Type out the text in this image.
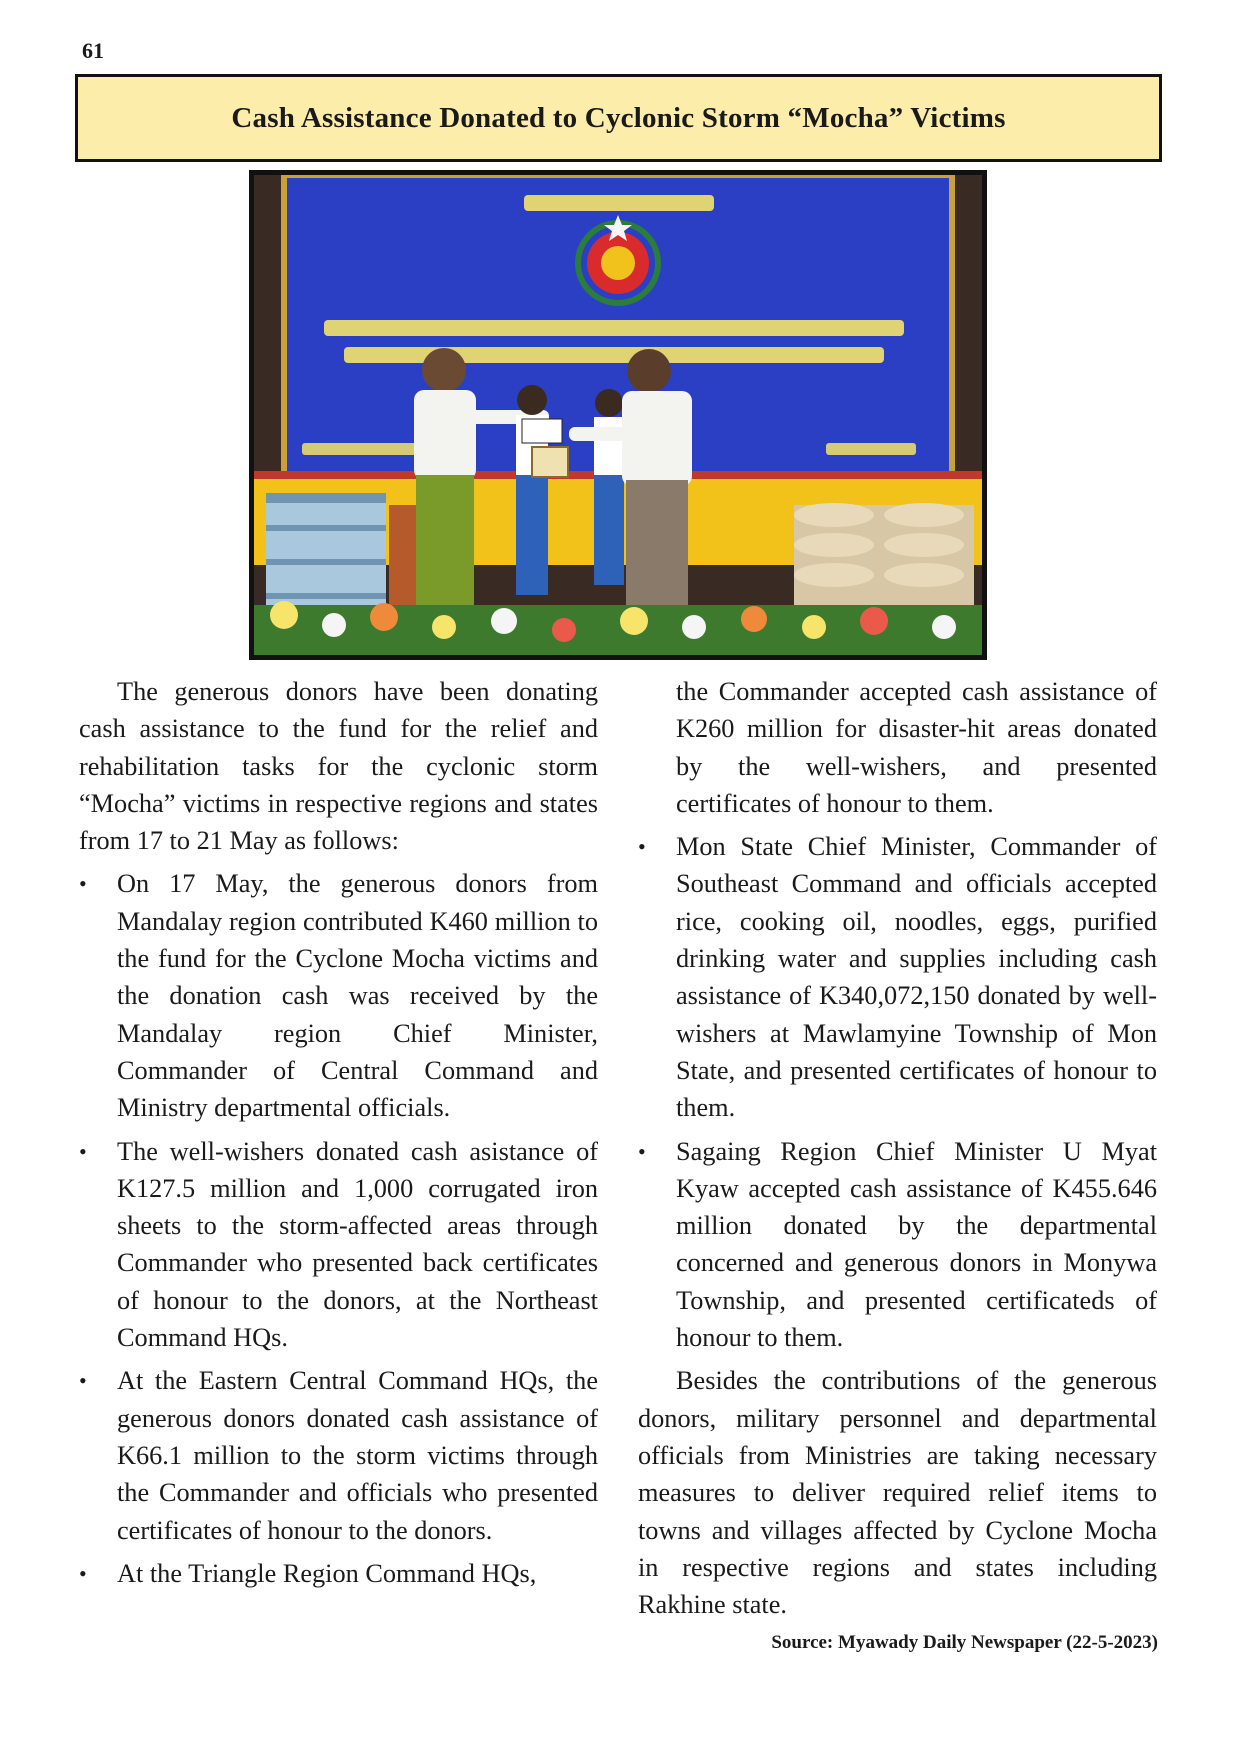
61
Cash Assistance Donated to Cyclonic Storm “Mocha” Victims

The generous donors have been donating cash assistance to the fund for the relief and rehabilitation tasks for the cyclonic storm “Mocha” victims in respective regions and states from 17 to 21 May as follows:

• On 17 May, the generous donors from Mandalay region contributed K460 million to the fund for the Cyclone Mocha victims and the donation cash was received by the Mandalay region Chief Minister, Commander of Central Command and Ministry departmental officials.
• The well-wishers donated cash asistance of K127.5 million and 1,000 corrugated iron sheets to the storm-affected areas through Commander who presented back certificates of honour to the donors, at the Northeast Command HQs.
• At the Eastern Central Command HQs, the generous donors donated cash assistance of K66.1 million to the storm victims through the Commander and officials who presented certificates of honour to the donors.
• At the Triangle Region Command HQs,
the Commander accepted cash assistance of K260 million for disaster-hit areas donated by the well-wishers, and presented certificates of honour to them.
• Mon State Chief Minister, Commander of Southeast Command and officials accepted rice, cooking oil, noodles, eggs, purified drinking water and supplies including cash assistance of K340,072,150 donated by well-wishers at Mawlamyine Township of Mon State, and presented certificates of honour to them.
• Sagaing Region Chief Minister U Myat Kyaw accepted cash assistance of K455.646 million donated by the departmental concerned and generous donors in Monywa Township, and presented certificateds of honour to them.

Besides the contributions of the generous donors, military personnel and departmental officials from Ministries are taking necessary measures to deliver required relief items to towns and villages affected by Cyclone Mocha in respective regions and states including Rakhine state.

Source: Myawady Daily Newspaper (22-5-2023)
